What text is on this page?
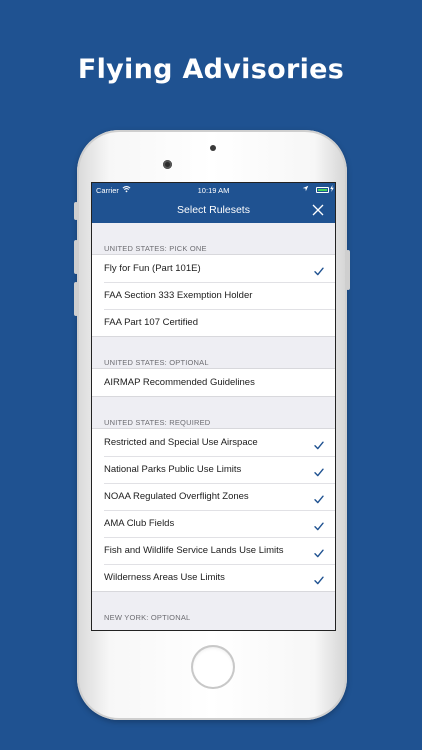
Flying Advisories
Carrier	10:19 AM
Select Rulesets
UNITED STATES: PICK ONE
Fly for Fun (Part 101E)
FAA Section 333 Exemption Holder
FAA Part 107 Certified
UNITED STATES: OPTIONAL
AIRMAP Recommended Guidelines
UNITED STATES: REQUIRED
Restricted and Special Use Airspace
National Parks Public Use Limits
NOAA Regulated Overflight Zones
AMA Club Fields
Fish and Wildlife Service Lands Use Limits
Wilderness Areas Use Limits
NEW YORK: OPTIONAL
